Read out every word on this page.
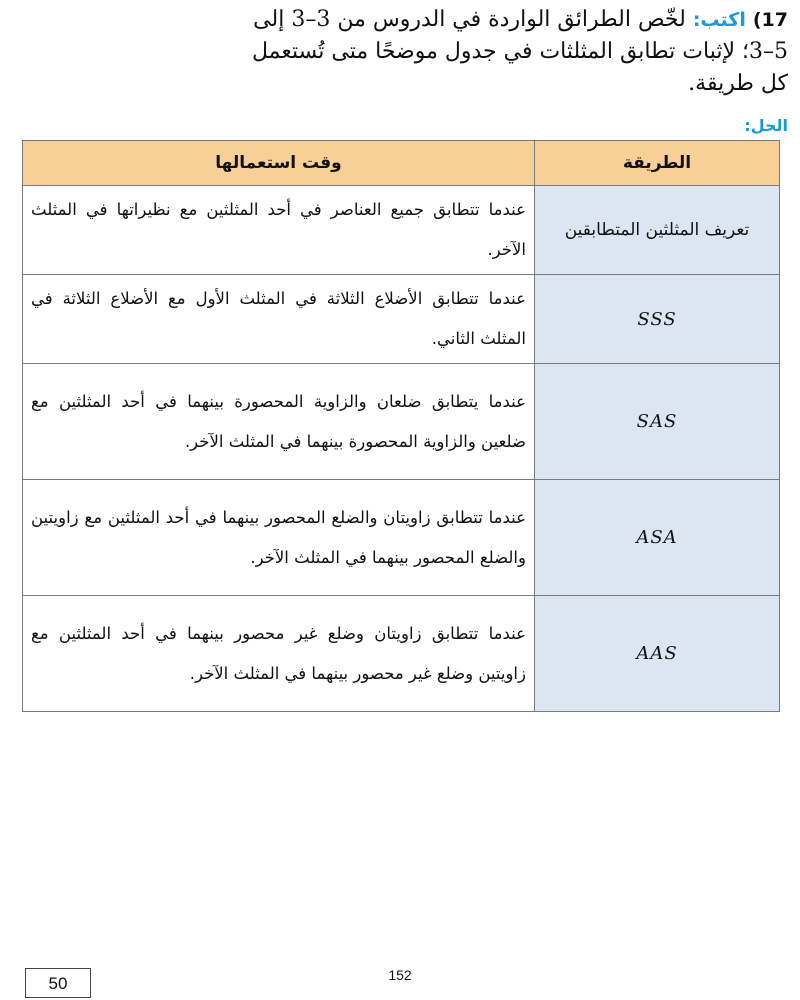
17) اكتب: لخّص الطرائق الواردة في الدروس من 3–3 إلى 5–3؛ لإثبات تطابق المثلثات في جدول موضحًا متى تُستعمل كل طريقة.
الحل:
الطريقة	وقت استعمالها
تعريف المثلثين المتطابقين	عندما تتطابق جميع العناصر في أحد المثلثين مع نظيراتها في المثلث الآخر.
SSS	عندما تتطابق الأضلاع الثلاثة في المثلث الأول مع الأضلاع الثلاثة في المثلث الثاني.
SAS	عندما يتطابق ضلعان والزاوية المحصورة بينهما في أحد المثلثين مع ضلعين والزاوية المحصورة بينهما في المثلث الآخر.
ASA	عندما تتطابق زاويتان والضلع المحصور بينهما في أحد المثلثين مع زاويتين والضلع المحصور بينهما في المثلث الآخر.
AAS	عندما تتطابق زاويتان وضلع غير محصور بينهما في أحد المثلثين مع زاويتين وضلع غير محصور بينهما في المثلث الآخر.
152
50
